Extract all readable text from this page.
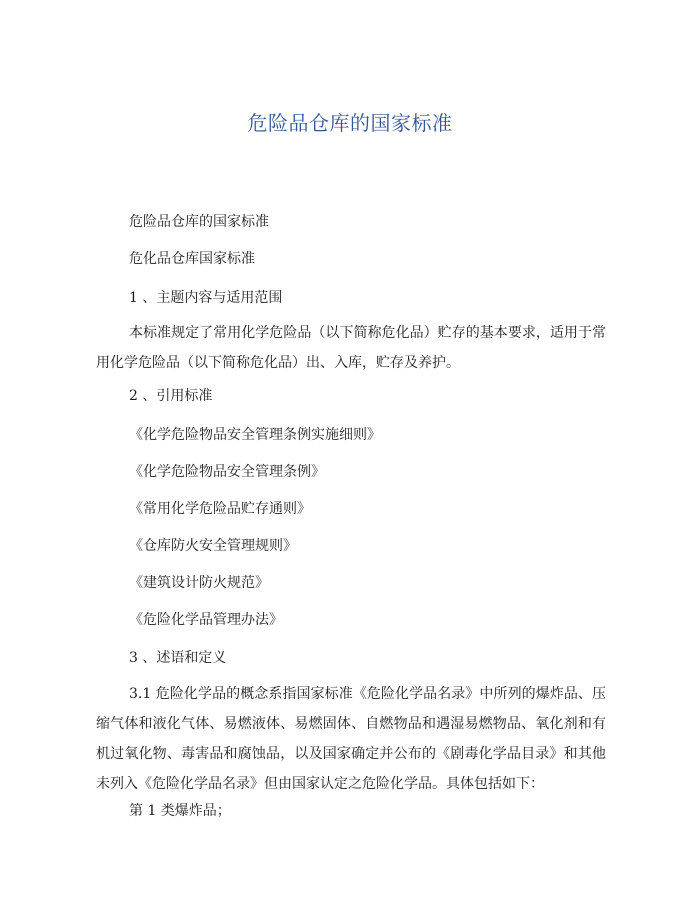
危险品仓库的国家标准

危险品仓库的国家标准

危化品仓库国家标准

1 、主题内容与适用范围

本标准规定了常用化学危险品（以下简称危化品）贮存的基本要求，适用于常用化学危险品（以下简称危化品）出、入库，贮存及养护。

2 、引用标准

《化学危险物品安全管理条例实施细则》

《化学危险物品安全管理条例》

《常用化学危险品贮存通则》

《仓库防火安全管理规则》

《建筑设计防火规范》

《危险化学品管理办法》

3 、述语和定义

3.1 危险化学品的概念系指国家标准《危险化学品名录》中所列的爆炸品、压缩气体和液化气体、易燃液体、易燃固体、自燃物品和遇湿易燃物品、氧化剂和有机过氧化物、毒害品和腐蚀品，以及国家确定并公布的《剧毒化学品目录》和其他未列入《危险化学品名录》但由国家认定之危险化学品。具体包括如下：

第 1 类爆炸品；
